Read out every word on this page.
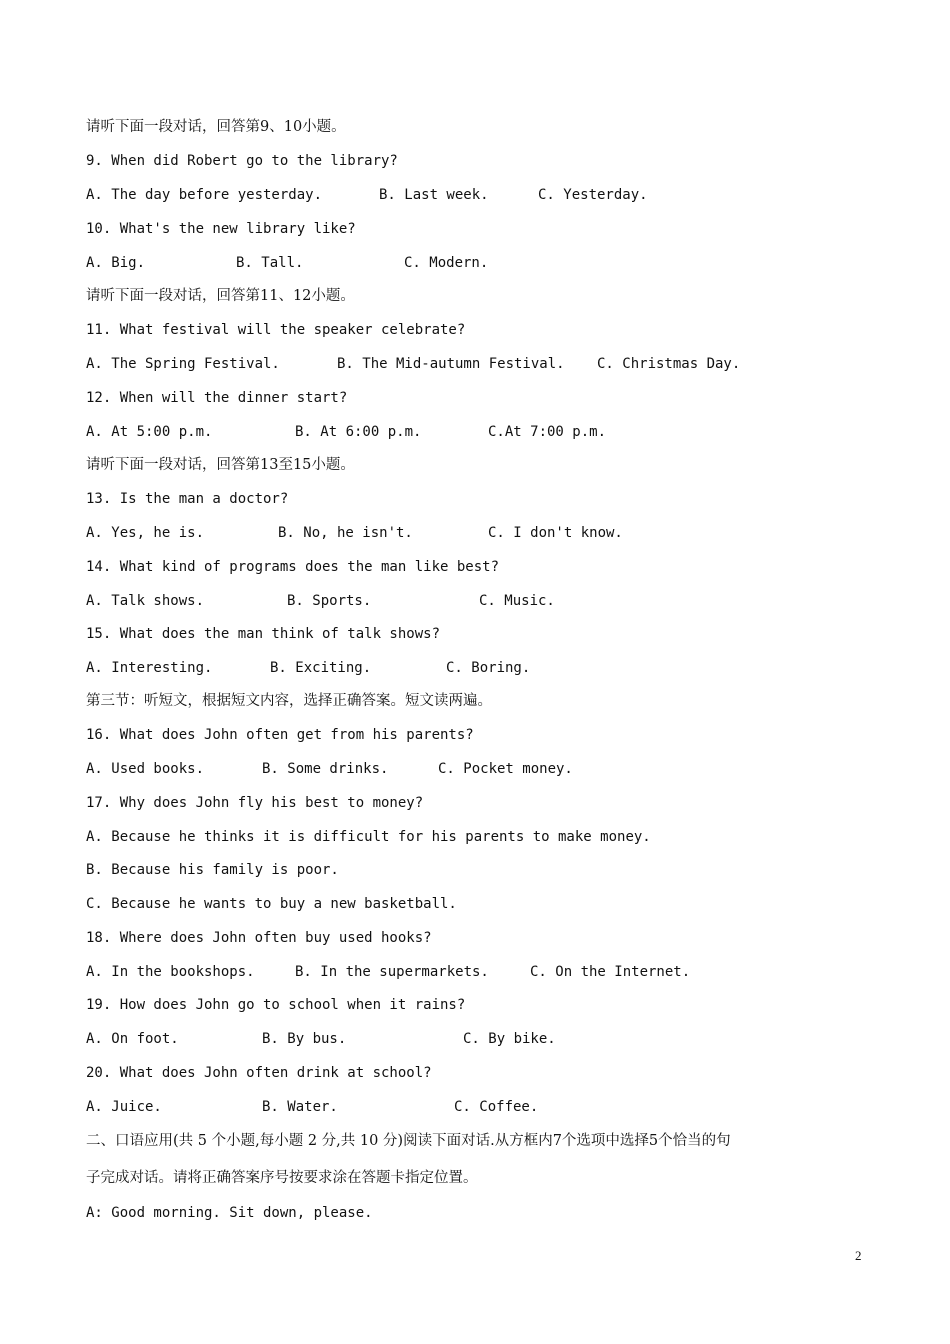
请听下面一段对话，回答第9、10小题。
9. When did Robert go to the library?
A. The day before yesterday.	B. Last week.	C. Yesterday.
10. What's the new library like?
A. Big.	B. Tall.	C. Modern.
请听下面一段对话，回答第11、12小题。
11. What festival will the speaker celebrate?
A. The Spring Festival.	B. The Mid-autumn Festival. C. Christmas Day.
12. When will the dinner start?
A. At 5:00 p.m.	B. At 6:00 p.m.	C.At 7:00 p.m.
请听下面一段对话，回答第13至15小题。
13. Is the man a doctor?
A. Yes, he is.	B. No, he isn't.	C. I don't know.
14. What kind of programs does the man like best?
A. Talk shows.	B. Sports.	C. Music.
15. What does the man think of talk shows?
A. Interesting.	B. Exciting.	C. Boring.
第三节：听短文，根据短文内容，选择正确答案。短文读两遍。
16. What does John often get from his parents?
A. Used books.	B. Some drinks.	C. Pocket money.
17. Why does John fly his best to money?
A. Because he thinks it is difficult for his parents to make money.
B. Because his family is poor.
C. Because he wants to buy a new basketball.
18. Where does John often buy used hooks?
A. In the bookshops.	B. In the supermarkets.	C. On the Internet.
19. How does John go to school when it rains?
A. On foot.	B. By bus.	C. By bike.
20. What does John often drink at school?
A. Juice.	B. Water.	C. Coffee.
二、口语应用(共 5 个小题,每小题 2 分,共 10 分)阅读下面对话.从方框内7个选项中选择5个恰当的句
子完成对话。请将正确答案序号按要求涂在答题卡指定位置。
A: Good morning. Sit down, please.
2
